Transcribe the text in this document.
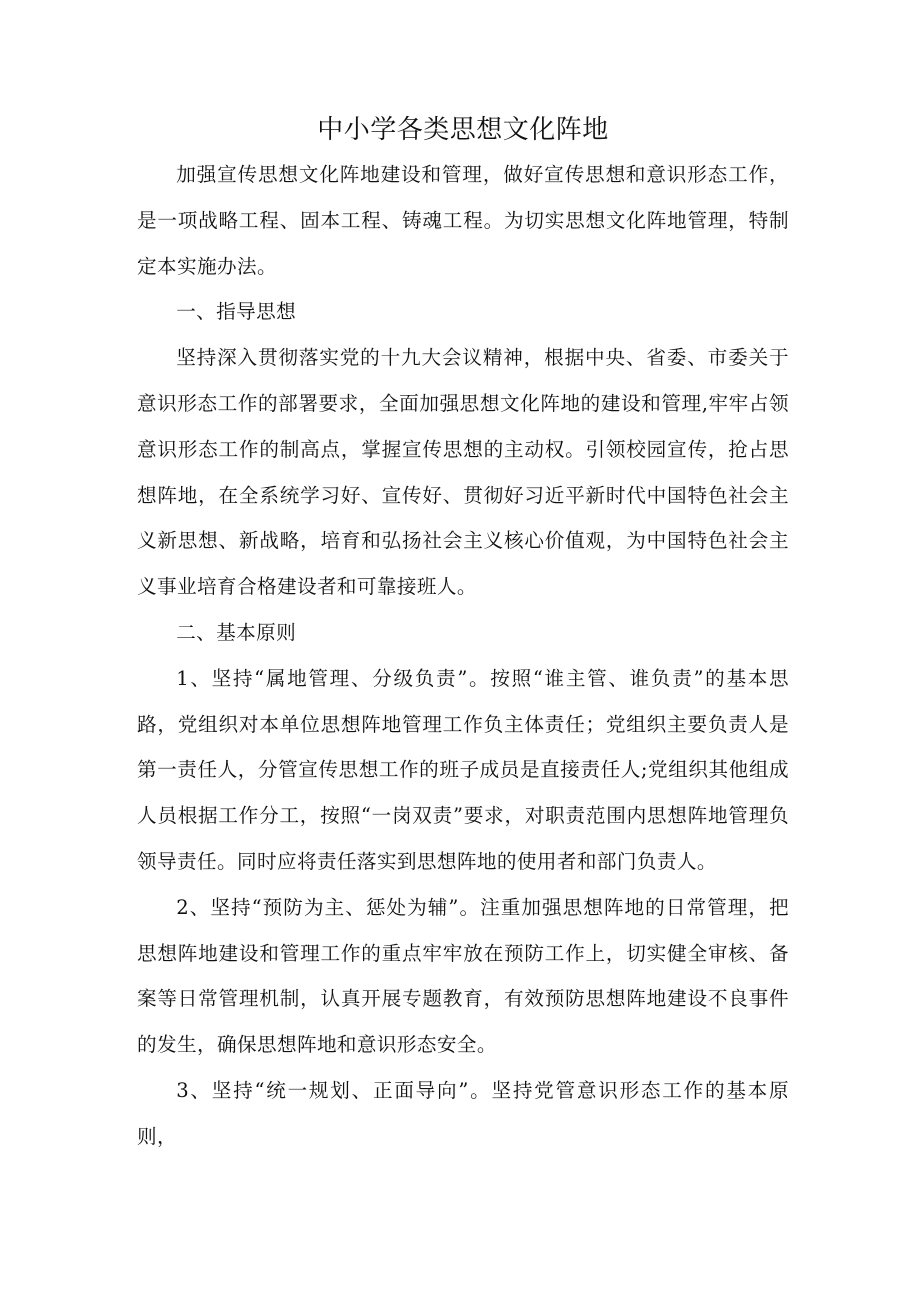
中小学各类思想文化阵地

加强宣传思想文化阵地建设和管理，做好宣传思想和意识形态工作，是一项战略工程、固本工程、铸魂工程。为切实思想文化阵地管理，特制定本实施办法。

一、指导思想

坚持深入贯彻落实党的十九大会议精神，根据中央、省委、市委关于意识形态工作的部署要求，全面加强思想文化阵地的建设和管理,牢牢占领意识形态工作的制高点，掌握宣传思想的主动权。引领校园宣传，抢占思想阵地，在全系统学习好、宣传好、贯彻好习近平新时代中国特色社会主义新思想、新战略，培育和弘扬社会主义核心价值观，为中国特色社会主义事业培育合格建设者和可靠接班人。

二、基本原则

1、坚持“属地管理、分级负责”。按照“谁主管、谁负责”的基本思路，党组织对本单位思想阵地管理工作负主体责任；党组织主要负责人是第一责任人，分管宣传思想工作的班子成员是直接责任人;党组织其他组成人员根据工作分工，按照“一岗双责”要求，对职责范围内思想阵地管理负领导责任。同时应将责任落实到思想阵地的使用者和部门负责人。

2、坚持“预防为主、惩处为辅”。注重加强思想阵地的日常管理，把思想阵地建设和管理工作的重点牢牢放在预防工作上，切实健全审核、备案等日常管理机制，认真开展专题教育，有效预防思想阵地建设不良事件的发生，确保思想阵地和意识形态安全。

3、坚持“统一规划、正面导向”。坚持党管意识形态工作的基本原则，
